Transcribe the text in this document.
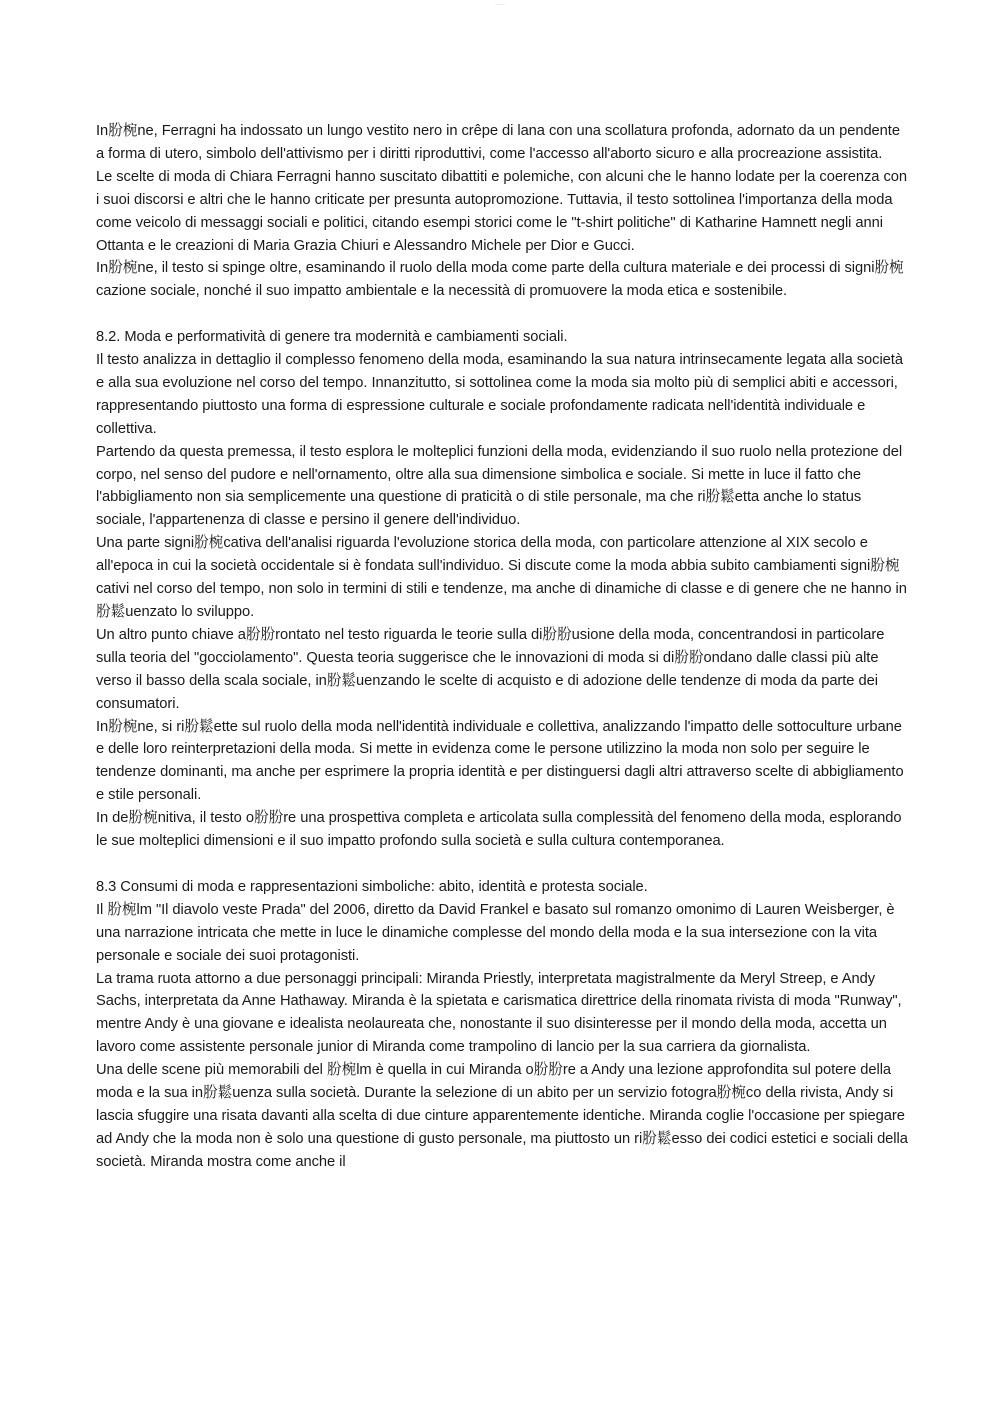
____

In肦椀ne, Ferragni ha indossato un lungo vestito nero in crêpe di lana con una scollatura profonda, adornato da un pendente a forma di utero, simbolo dell'attivismo per i diritti riproduttivi, come l'accesso all'aborto sicuro e alla procreazione assistita.

Le scelte di moda di Chiara Ferragni hanno suscitato dibattiti e polemiche, con alcuni che le hanno lodate per la coerenza con i suoi discorsi e altri che le hanno criticate per presunta autopromozione. Tuttavia, il testo sottolinea l'importanza della moda come veicolo di messaggi sociali e politici, citando esempi storici come le "t-shirt politiche" di Katharine Hamnett negli anni Ottanta e le creazioni di Maria Grazia Chiuri e Alessandro Michele per Dior e Gucci.

In肦椀ne, il testo si spinge oltre, esaminando il ruolo della moda come parte della cultura materiale e dei processi di signi肦椀cazione sociale, nonché il suo impatto ambientale e la necessità di promuovere la moda etica e sostenibile.

8.2. Moda e performatività di genere tra modernità e cambiamenti sociali.

Il testo analizza in dettaglio il complesso fenomeno della moda, esaminando la sua natura intrinsecamente legata alla società e alla sua evoluzione nel corso del tempo. Innanzitutto, si sottolinea come la moda sia molto più di semplici abiti e accessori, rappresentando piuttosto una forma di espressione culturale e sociale profondamente radicata nell'identità individuale e collettiva.

Partendo da questa premessa, il testo esplora le molteplici funzioni della moda, evidenziando il suo ruolo nella protezione del corpo, nel senso del pudore e nell'ornamento, oltre alla sua dimensione simbolica e sociale. Si mette in luce il fatto che l'abbigliamento non sia semplicemente una questione di praticità o di stile personale, ma che ri肦鬆etta anche lo status sociale, l'appartenenza di classe e persino il genere dell'individuo.

Una parte signi肦椀cativa dell'analisi riguarda l'evoluzione storica della moda, con particolare attenzione al XIX secolo e all'epoca in cui la società occidentale si è fondata sull'individuo. Si discute come la moda abbia subito cambiamenti signi肦椀cativi nel corso del tempo, non solo in termini di stili e tendenze, ma anche di dinamiche di classe e di genere che ne hanno in肦鬆uenzato lo sviluppo.

Un altro punto chiave a肦肦rontato nel testo riguarda le teorie sulla di肦肦usione della moda, concentrandosi in particolare sulla teoria del "gocciolamento". Questa teoria suggerisce che le innovazioni di moda si di肦肦ondano dalle classi più alte verso il basso della scala sociale, in肦鬆uenzando le scelte di acquisto e di adozione delle tendenze di moda da parte dei consumatori.

In肦椀ne, si ri肦鬆ette sul ruolo della moda nell'identità individuale e collettiva, analizzando l'impatto delle sottoculture urbane e delle loro reinterpretazioni della moda. Si mette in evidenza come le persone utilizzino la moda non solo per seguire le tendenze dominanti, ma anche per esprimere la propria identità e per distinguersi dagli altri attraverso scelte di abbigliamento e stile personali.

In de肦椀nitiva, il testo o肦肦re una prospettiva completa e articolata sulla complessità del fenomeno della moda, esplorando le sue molteplici dimensioni e il suo impatto profondo sulla società e sulla cultura contemporanea.

8.3 Consumi di moda e rappresentazioni simboliche: abito, identità e protesta sociale.

Il 肦椀lm "Il diavolo veste Prada" del 2006, diretto da David Frankel e basato sul romanzo omonimo di Lauren Weisberger, è una narrazione intricata che mette in luce le dinamiche complesse del mondo della moda e la sua intersezione con la vita personale e sociale dei suoi protagonisti.

La trama ruota attorno a due personaggi principali: Miranda Priestly, interpretata magistralmente da Meryl Streep, e Andy Sachs, interpretata da Anne Hathaway. Miranda è la spietata e carismatica direttrice della rinomata rivista di moda "Runway", mentre Andy è una giovane e idealista neolaureata che, nonostante il suo disinteresse per il mondo della moda, accetta un lavoro come assistente personale junior di Miranda come trampolino di lancio per la sua carriera da giornalista.

Una delle scene più memorabili del 肦椀lm è quella in cui Miranda o肦肦re a Andy una lezione approfondita sul potere della moda e la sua in肦鬆uenza sulla società. Durante la selezione di un abito per un servizio fotogra肦椀co della rivista, Andy si lascia sfuggire una risata davanti alla scelta di due cinture apparentemente identiche. Miranda coglie l'occasione per spiegare ad Andy che la moda non è solo una questione di gusto personale, ma piuttosto un ri肦鬆esso dei codici estetici e sociali della società. Miranda mostra come anche il
